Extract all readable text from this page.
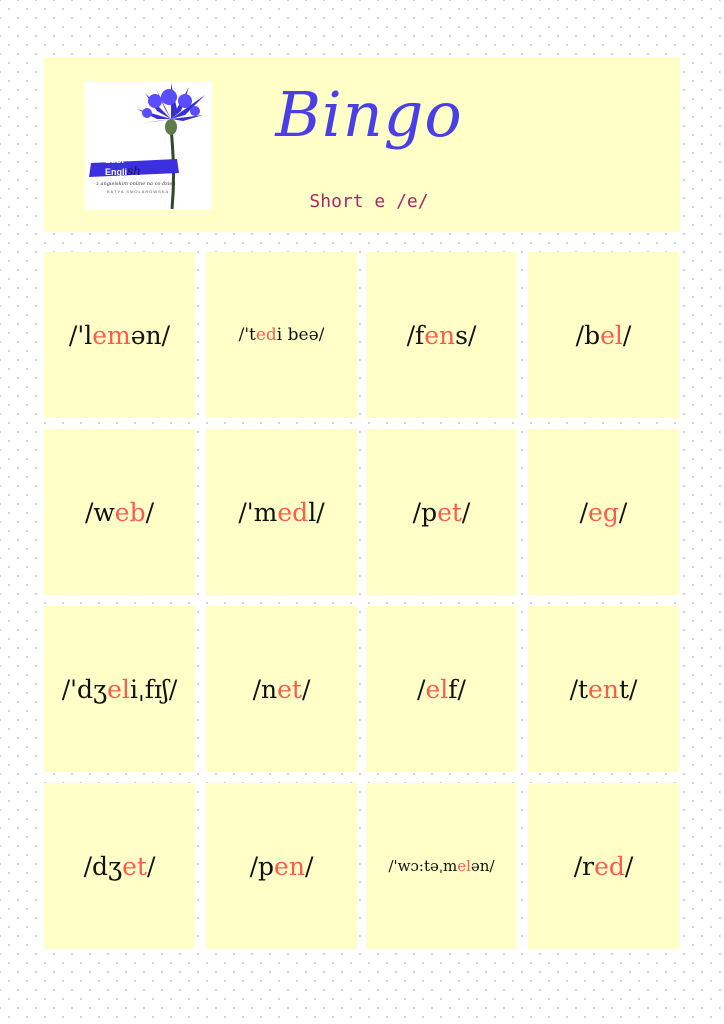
Lubi
English
- z angielskim online na co dzień
KATYA SMOLAROWSKA
Bingo
Short e /e/
/'lemən/	/'tedi beə/	/fens/	/bel/
/web/	/'medl/	/pet/	/eg/
/'dʒeliˌfɪʃ/	/net/	/elf/	/tent/
/dʒet/	/pen/	/'wɔ:təˌmelən/	/red/
